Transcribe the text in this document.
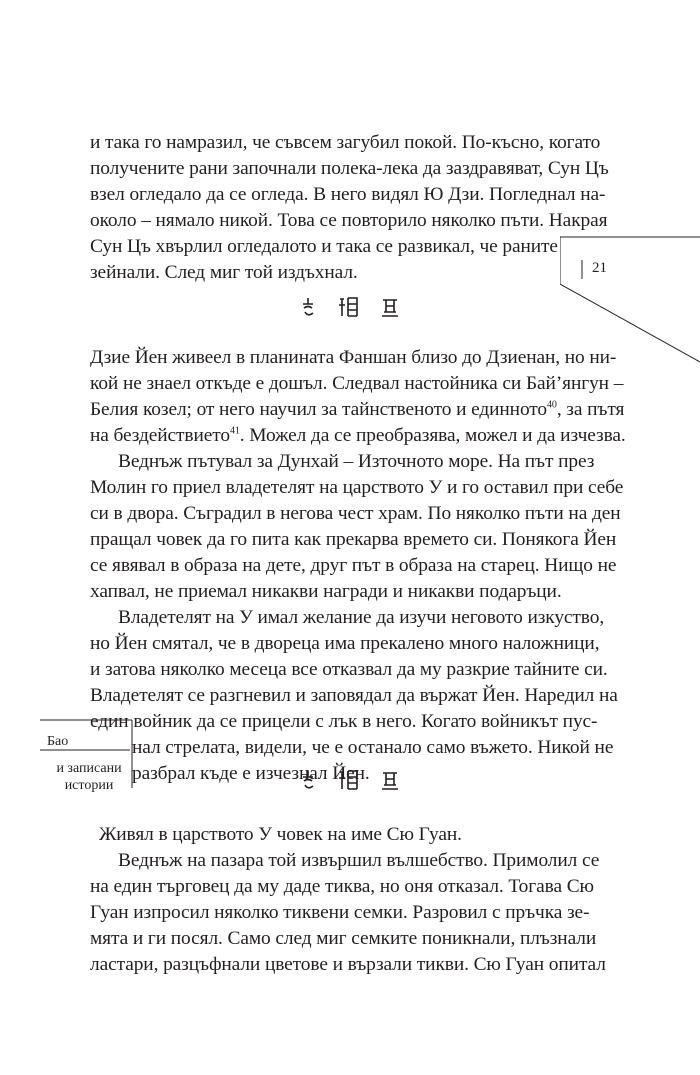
и така го намразил, че съвсем загубил покой. По-късно, когато
получените рани започнали полека-лека да заздравяват, Сун Цъ
взел огледало да се огледа. В него видял Ю Дзи. Погледнал на-
около – нямало никой. Това се повторило няколко пъти. Накрая
Сун Цъ хвърлил огледалото и така се развикал, че раните
зейнали. След миг той издъхнал.	21
Дзие Йен живеел в планината Фаншан близо до Дзиенан, но ни-
кой не знаел откъде е дошъл. Следвал настойника си Бай’янгун –
Белия козел; от него научил за тайнственото и единното$^{40}$, за пътя
на бездействието$^{41}$. Можел да се преобразява, можел и да изчезва.
Веднъж пътувал за Дунхай – Източното море. На път през
Молин го приел владетелят на царството У и го оставил при себе
си в двора. Съградил в негова чест храм. По няколко пъти на ден
пращал човек да го пита как прекарва времето си. Понякога Йен
се явявал в образа на дете, друг път в образа на старец. Нищо не
хапвал, не приемал никакви награди и никакви подаръци.
Владетелят на У имал желание да изучи неговото изкуство,
но Йен смятал, че в двореца има прекалено много наложници,
и затова няколко месеца все отказвал да му разкрие тайните си.
Владетелят се разгневил и заповядал да вържат Йен. Наредил на
един войник да се прицели с лък в него. Когато войникът пус-
нал стрелата, видели, че е останало само въжето. Никой не
разбрал къде е изчезнал Йен.
Бао
и записани
истории
Живял в царството У човек на име Сю Гуан.
Веднъж на пазара той извършил вълшебство. Примолил се
на един търговец да му даде тиква, но оня отказал. Тогава Сю
Гуан изпросил няколко тиквени семки. Разровил с пръчка зе-
мята и ги посял. Само след миг семките поникнали, плъзнали
ластари, разцъфнали цветове и вързали тикви. Сю Гуан опитал
